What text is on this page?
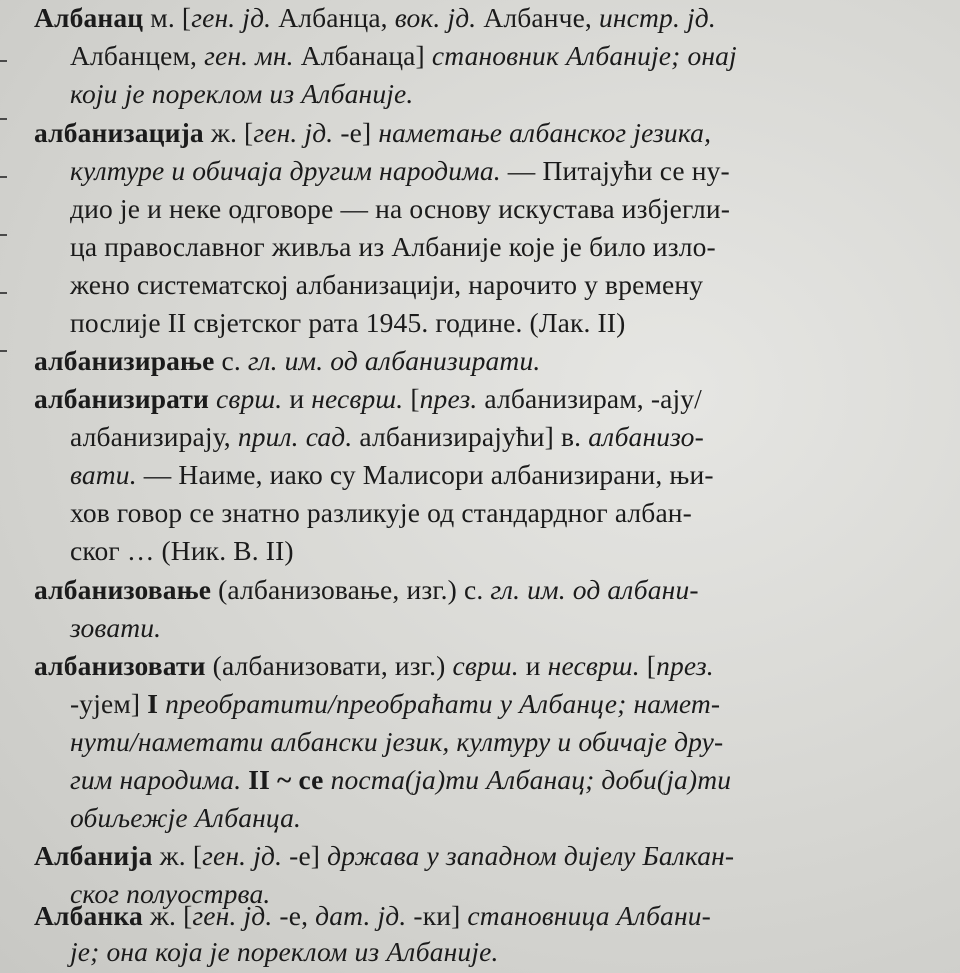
Албанац м. [ген. јд. Албанца, вок. јд. Албанче, инстр. јд.
Албанцем, ген. мн. Албанаца] становник Албаније; онај
који је пореклом из Албаније.
албанизација ж. [ген. јд. -е] наметање албанског језика,
културе и обичаја другим народима. — Питајући се ну-
дио је и неке одговоре — на основу искустава избјегли-
ца православног живља из Албаније које је било изло-
жено систематској албанизацији, нарочито у времену
послије II свјетског рата 1945. године. (Лак. II)
албанизирање с. гл. им. од албанизирати.
албанизирати сврш. и несврш. [през. албанизирам, -ају/
албанизирају, прил. сад. албанизирајући] в. албанизо-
вати. — Наиме, иако су Малисори албанизирани, њи-
хов говор се знатно разликује од стандардног албан-
ског … (Ник. В. II)
албанизовање (албанизовање, изг.) с. гл. им. од албани-
зовати.
албанизовати (албанизовати, изг.) сврш. и несврш. [през.
-ујем] I преобратити/преобраћати у Албанце; намет-
нути/наметати албански језик, културу и обичаје дру-
гим народима. II ~ се поста(ја)ти Албанац; доби(ја)ти
обиљежје Албанца.
Албанија ж. [ген. јд. -е] држава у западном дијелу Балкан-
ског полуострва.
Албанка ж. [ген. јд. -е, дат. јд. -ки] становница Албани-
је; она која је пореклом из Албаније.
